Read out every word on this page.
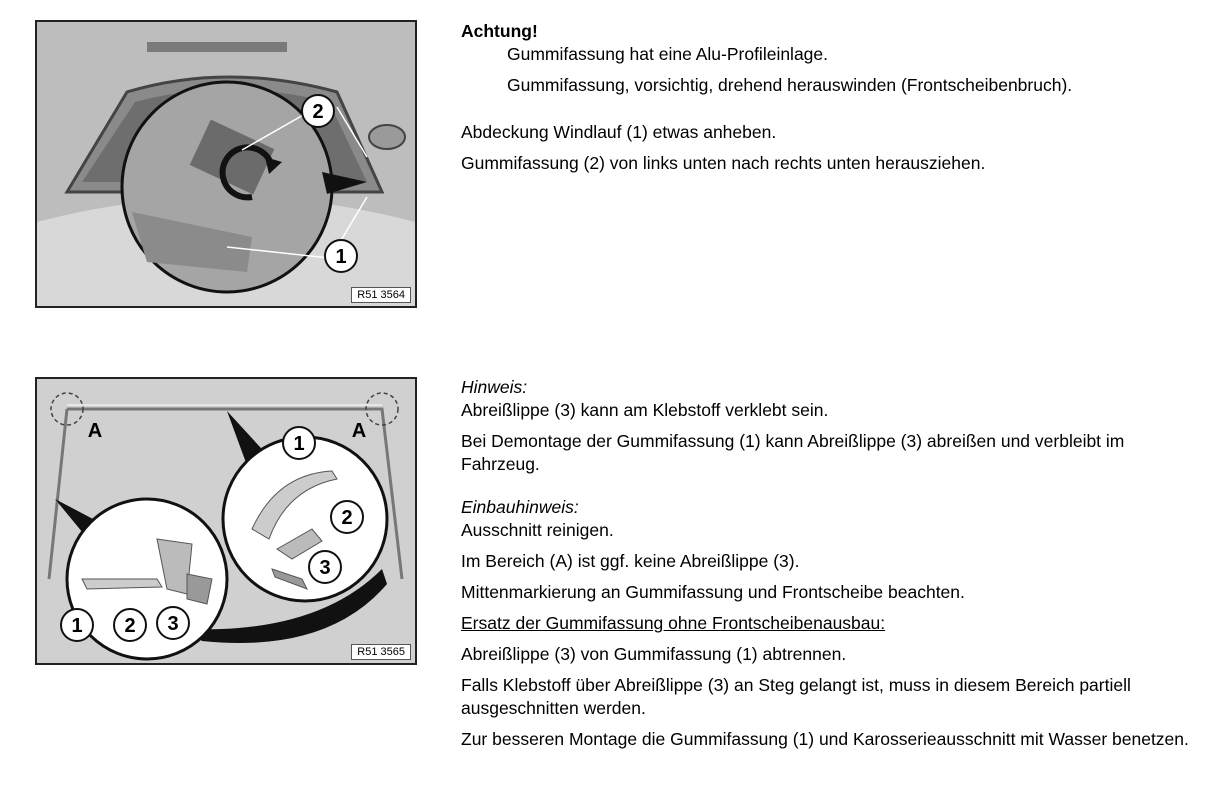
2
1
R51 3564
A	A
1
2
3
1 2 3
R51 3565

Achtung!

Gummifassung hat eine Alu-Profileinlage.

Gummifassung, vorsichtig, drehend herauswinden (Frontscheibenbruch).

Abdeckung Windlauf (1) etwas anheben.

Gummifassung (2) von links unten nach rechts unten herausziehen.

Hinweis:

Abreißlippe (3) kann am Klebstoff verklebt sein.

Bei Demontage der Gummifassung (1) kann Abreißlippe (3) abreißen und verbleibt im Fahrzeug.

Einbauhinweis:

Ausschnitt reinigen.

Im Bereich (A) ist ggf. keine Abreißlippe (3).

Mittenmarkierung an Gummifassung und Frontscheibe beachten.

Ersatz der Gummifassung ohne Frontscheibenausbau:

Abreißlippe (3) von Gummifassung (1) abtrennen.

Falls Klebstoff über Abreißlippe (3) an Steg gelangt ist, muss in diesem Bereich partiell ausgeschnitten werden.

Zur besseren Montage die Gummifassung (1) und Karosserieausschnitt mit Wasser benetzen.
